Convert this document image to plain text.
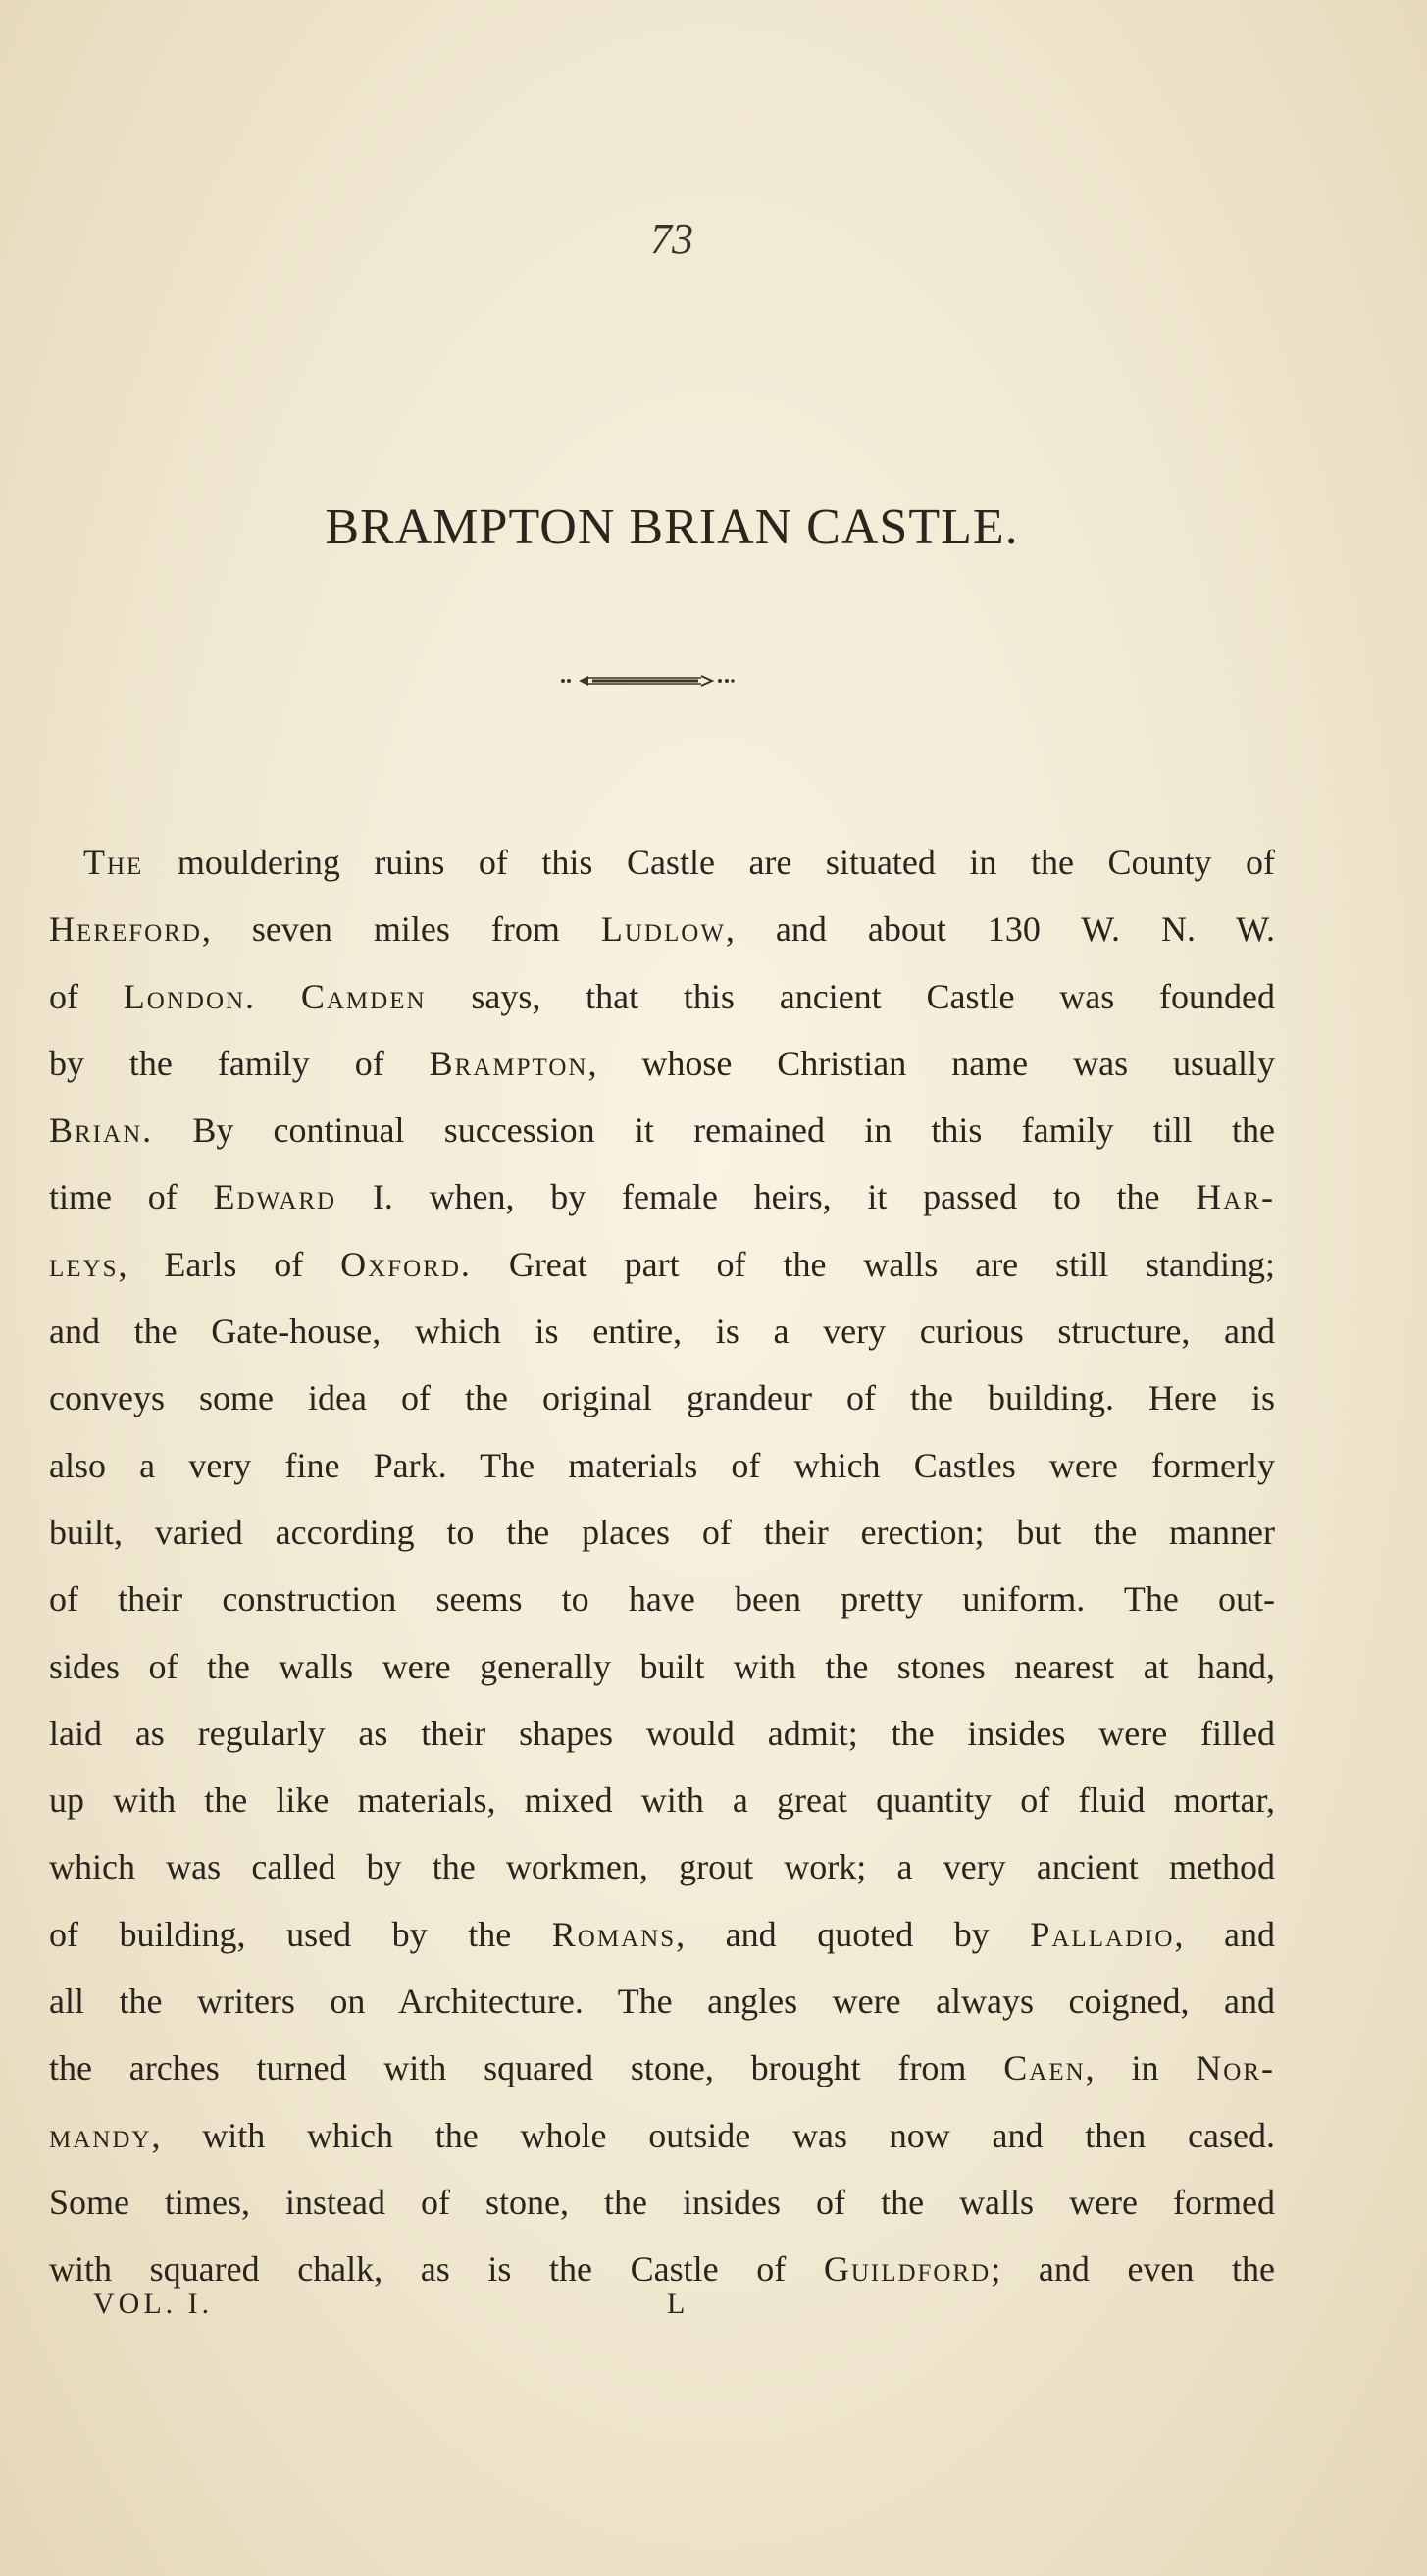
73
BRAMPTON BRIAN CASTLE.
The mouldering ruins of this Castle are situated in the County of
Hereford, seven miles from Ludlow, and about 130 W. N. W.
of London. Camden says, that this ancient Castle was founded
by the family of Brampton, whose Christian name was usually
Brian. By continual succession it remained in this family till the
time of Edward I. when, by female heirs, it passed to the Har-
leys, Earls of Oxford. Great part of the walls are still standing;
and the Gate-house, which is entire, is a very curious structure, and
conveys some idea of the original grandeur of the building. Here is
also a very fine Park. The materials of which Castles were formerly
built, varied according to the places of their erection; but the manner
of their construction seems to have been pretty uniform. The out-
sides of the walls were generally built with the stones nearest at hand,
laid as regularly as their shapes would admit; the insides were filled
up with the like materials, mixed with a great quantity of fluid mortar,
which was called by the workmen, grout work; a very ancient method
of building, used by the Romans, and quoted by Palladio, and
all the writers on Architecture. The angles were always coigned, and
the arches turned with squared stone, brought from Caen, in Nor-
mandy, with which the whole outside was now and then cased.
Some times, instead of stone, the insides of the walls were formed
with squared chalk, as is the Castle of Guildford; and even the
VOL. I.	L
